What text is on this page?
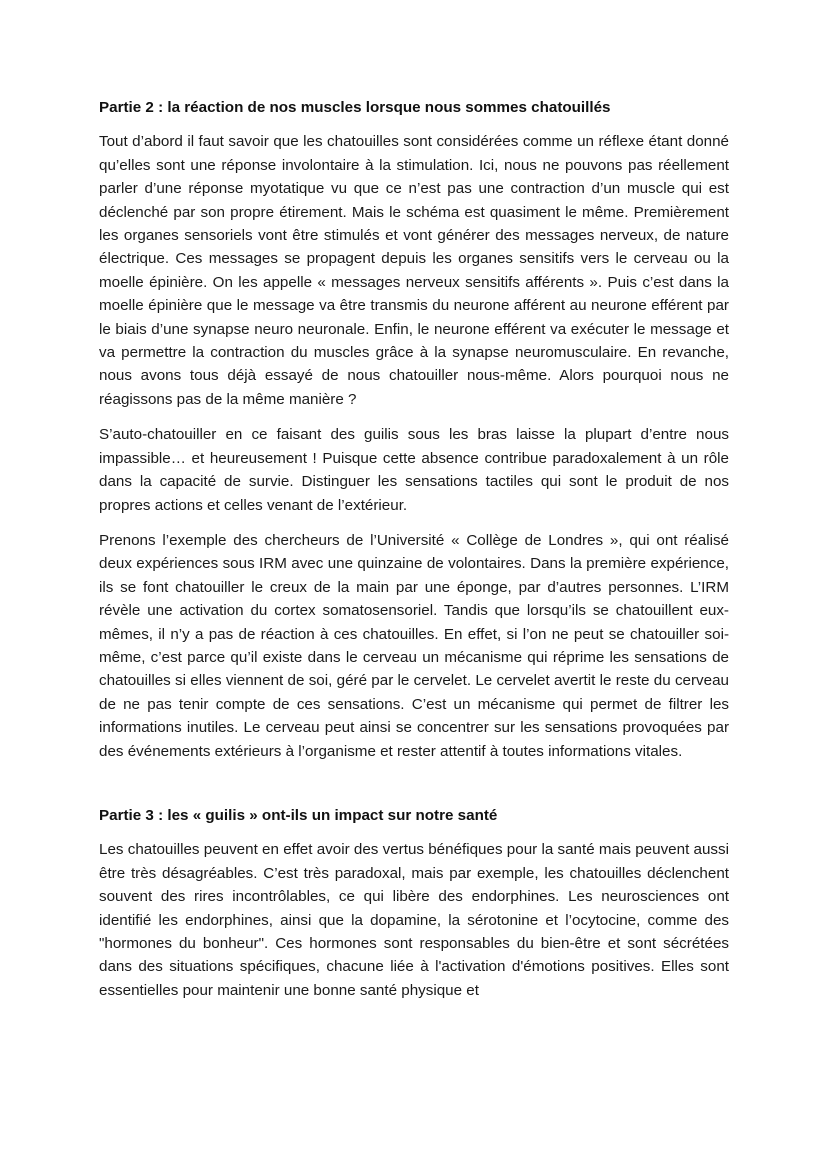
Partie 2 : la réaction de nos muscles lorsque nous sommes chatouillés

Tout d’abord il faut savoir que les chatouilles sont considérées comme un réflexe étant donné qu’elles sont une réponse involontaire à la stimulation. Ici, nous ne pouvons pas réellement parler d’une réponse myotatique vu que ce n’est pas une contraction d’un muscle qui est déclenché par son propre étirement. Mais le schéma est quasiment le même. Premièrement les organes sensoriels vont être stimulés et vont générer des messages nerveux, de nature électrique. Ces messages se propagent depuis les organes sensitifs vers le cerveau ou la moelle épinière. On les appelle « messages nerveux sensitifs afférents ». Puis c’est dans la moelle épinière que le message va être transmis du neurone afférent au neurone efférent par le biais d’une synapse neuro neuronale. Enfin, le neurone efférent va exécuter le message et va permettre la contraction du muscles grâce à la synapse neuromusculaire. En revanche, nous avons tous déjà essayé de nous chatouiller nous-même. Alors pourquoi nous ne réagissons pas de la même manière ?

S’auto-chatouiller en ce faisant des guilis sous les bras laisse la plupart d’entre nous impassible… et heureusement ! Puisque cette absence contribue paradoxalement à un rôle dans la capacité de survie. Distinguer les sensations tactiles qui sont le produit de nos propres actions et celles venant de l’extérieur.

Prenons l’exemple des chercheurs de l’Université « Collège de Londres », qui ont réalisé deux expériences sous IRM avec une quinzaine de volontaires. Dans la première expérience, ils se font chatouiller le creux de la main par une éponge, par d’autres personnes. L’IRM révèle une activation du cortex somatosensoriel. Tandis que lorsqu’ils se chatouillent eux-mêmes, il n’y a pas de réaction à ces chatouilles. En effet, si l’on ne peut se chatouiller soi-même, c’est parce qu’il existe dans le cerveau un mécanisme qui réprime les sensations de chatouilles si elles viennent de soi, géré par le cervelet. Le cervelet avertit le reste du cerveau de ne pas tenir compte de ces sensations. C’est un mécanisme qui permet de filtrer les informations inutiles. Le cerveau peut ainsi se concentrer sur les sensations provoquées par des événements extérieurs à l’organisme et rester attentif à toutes informations vitales.

Partie 3 : les « guilis » ont-ils un impact sur notre santé

Les chatouilles peuvent en effet avoir des vertus bénéfiques pour la santé mais peuvent aussi être très désagréables. C’est très paradoxal, mais par exemple, les chatouilles déclenchent souvent des rires incontrôlables, ce qui libère des endorphines. Les neurosciences ont identifié les endorphines, ainsi que la dopamine, la sérotonine et l’ocytocine, comme des "hormones du bonheur". Ces hormones sont responsables du bien-être et sont sécrétées dans des situations spécifiques, chacune liée à l'activation d'émotions positives. Elles sont essentielles pour maintenir une bonne santé physique et
